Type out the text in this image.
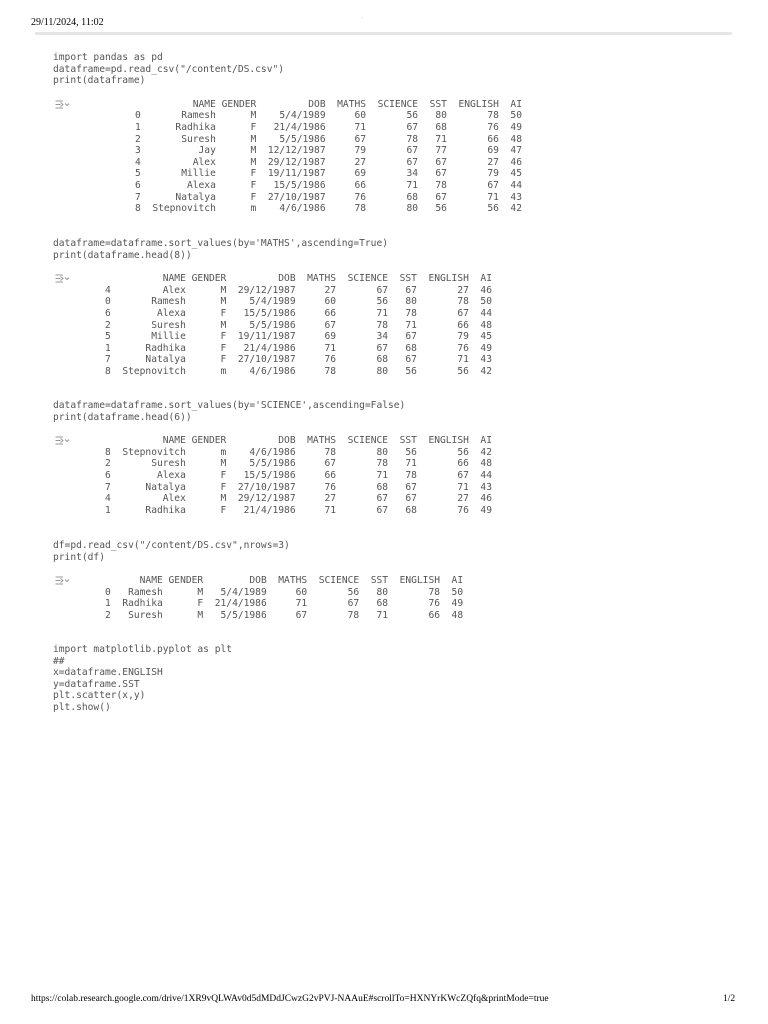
29/11/2024, 11:02	-
import pandas as pd
dataframe=pd.read_csv("/content/DS.csv")
print(dataframe)
NAME GENDER         DOB  MATHS  SCIENCE  SST  ENGLISH  AI
0       Ramesh      M    5/4/1989     60       56   80       78  50
1      Radhika      F   21/4/1986     71       67   68       76  49
2       Suresh      M    5/5/1986     67       78   71       66  48
3          Jay      M  12/12/1987     79       67   77       69  47
4         Alex      M  29/12/1987     27       67   67       27  46
5       Millie      F  19/11/1987     69       34   67       79  45
6        Alexa      F   15/5/1986     66       71   78       67  44
7      Natalya      F  27/10/1987     76       68   67       71  43
8  Stepnovitch      m    4/6/1986     78       80   56       56  42
dataframe=dataframe.sort_values(by='MATHS',ascending=True)
print(dataframe.head(8))
NAME GENDER         DOB  MATHS  SCIENCE  SST  ENGLISH  AI
4         Alex      M  29/12/1987     27       67   67       27  46
0       Ramesh      M    5/4/1989     60       56   80       78  50
6        Alexa      F   15/5/1986     66       71   78       67  44
2       Suresh      M    5/5/1986     67       78   71       66  48
5       Millie      F  19/11/1987     69       34   67       79  45
1      Radhika      F   21/4/1986     71       67   68       76  49
7      Natalya      F  27/10/1987     76       68   67       71  43
8  Stepnovitch      m    4/6/1986     78       80   56       56  42
dataframe=dataframe.sort_values(by='SCIENCE',ascending=False)
print(dataframe.head(6))
NAME GENDER         DOB  MATHS  SCIENCE  SST  ENGLISH  AI
8  Stepnovitch      m    4/6/1986     78       80   56       56  42
2       Suresh      M    5/5/1986     67       78   71       66  48
6        Alexa      F   15/5/1986     66       71   78       67  44
7      Natalya      F  27/10/1987     76       68   67       71  43
4         Alex      M  29/12/1987     27       67   67       27  46
1      Radhika      F   21/4/1986     71       67   68       76  49
df=pd.read_csv("/content/DS.csv",nrows=3)
print(df)
NAME GENDER        DOB  MATHS  SCIENCE  SST  ENGLISH  AI
0   Ramesh      M   5/4/1989     60       56   80       78  50
1  Radhika      F  21/4/1986     71       67   68       76  49
2   Suresh      M   5/5/1986     67       78   71       66  48
import matplotlib.pyplot as plt
##
x=dataframe.ENGLISH
y=dataframe.SST
plt.scatter(x,y)
plt.show()
https://colab.research.google.com/drive/1XR9vQLWAv0d5dMDdJCwzG2vPVJ-NAAuE#scrollTo=HXNYrKWcZQfq&printMode=true	1/2
